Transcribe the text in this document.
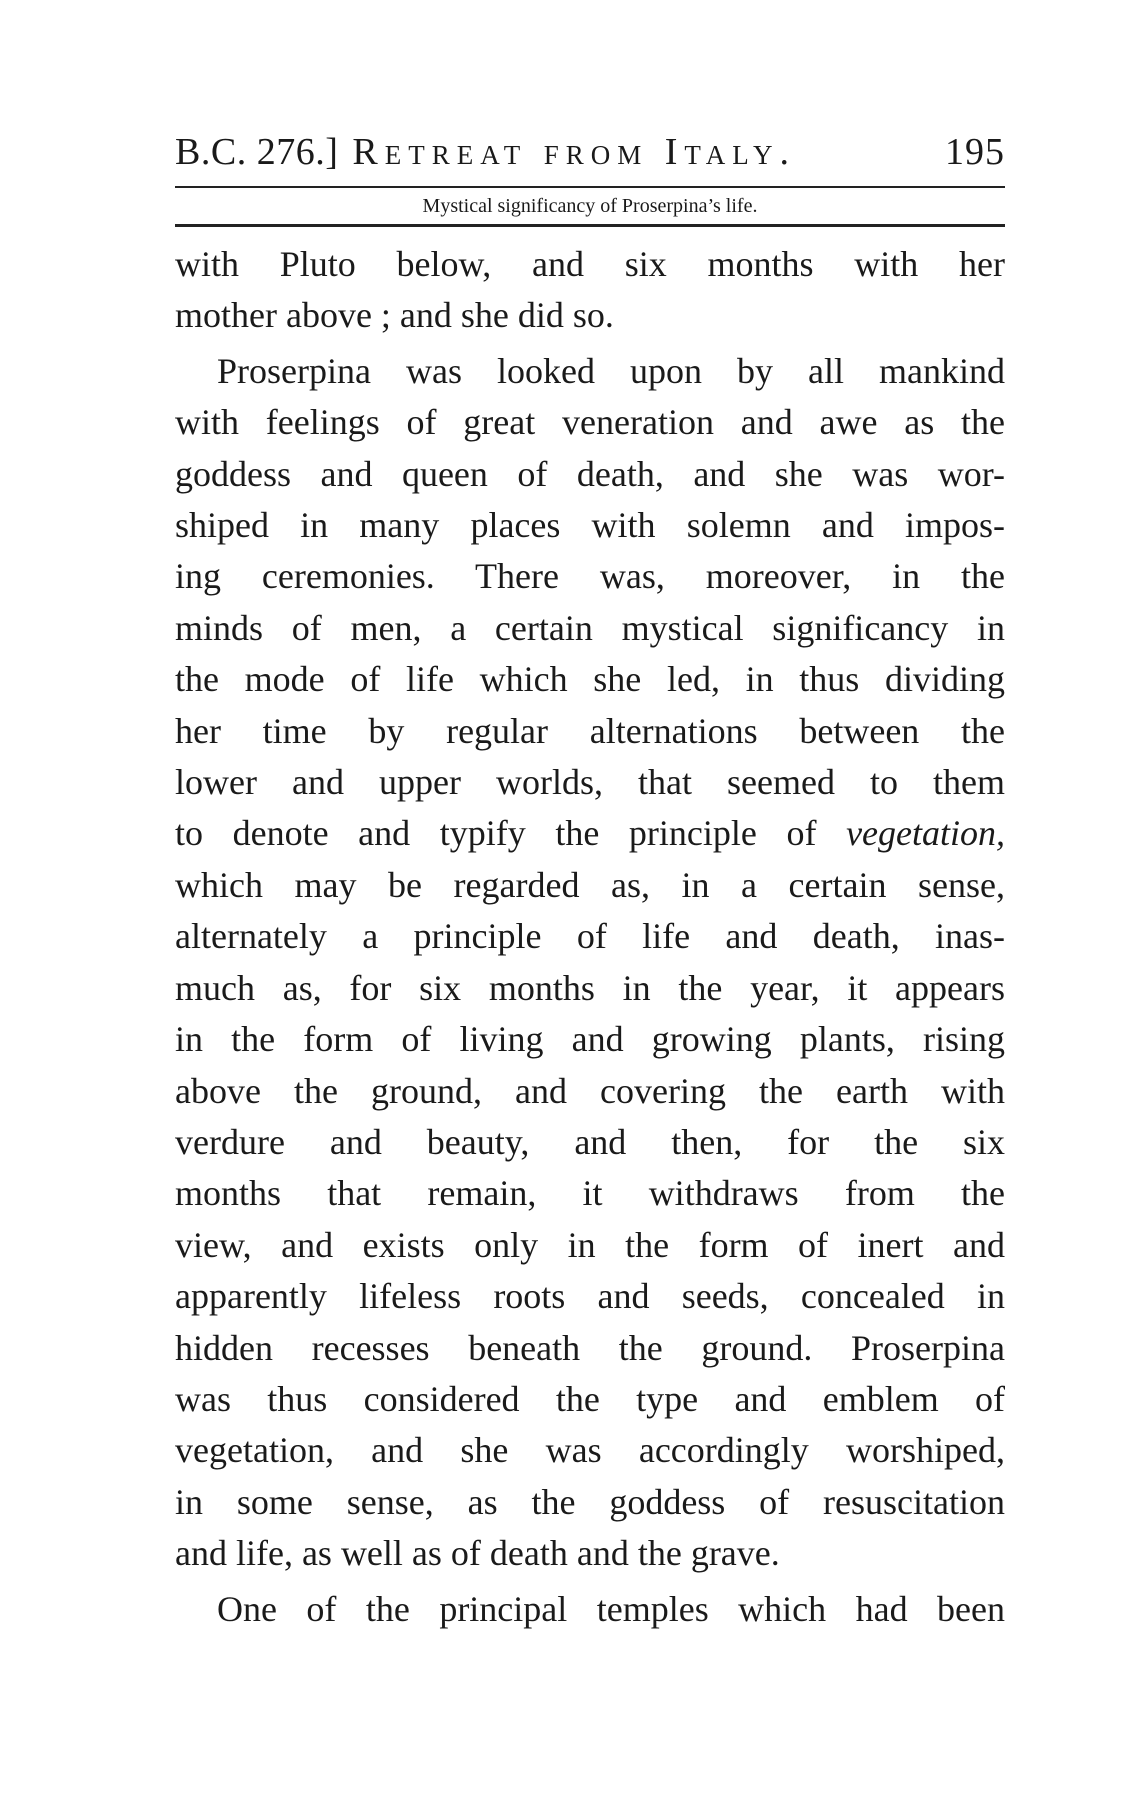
B.C. 276.] Retreat from Italy.	195
Mystical significancy of Proserpina’s life.

with Pluto below, and six months with her
mother above ; and she did so.

Proserpina was looked upon by all mankind
with feelings of great veneration and awe as the
goddess and queen of death, and she was wor-
shiped in many places with solemn and impos-
ing ceremonies. There was, moreover, in the
minds of men, a certain mystical significancy in
the mode of life which she led, in thus dividing
her time by regular alternations between the
lower and upper worlds, that seemed to them
to denote and typify the principle of vegetation,
which may be regarded as, in a certain sense,
alternately a principle of life and death, inas-
much as, for six months in the year, it appears
in the form of living and growing plants, rising
above the ground, and covering the earth with
verdure and beauty, and then, for the six
months that remain, it withdraws from the
view, and exists only in the form of inert and
apparently lifeless roots and seeds, concealed in
hidden recesses beneath the ground. Proserpina
was thus considered the type and emblem of
vegetation, and she was accordingly worshiped,
in some sense, as the goddess of resuscitation
and life, as well as of death and the grave.

One of the principal temples which had been
